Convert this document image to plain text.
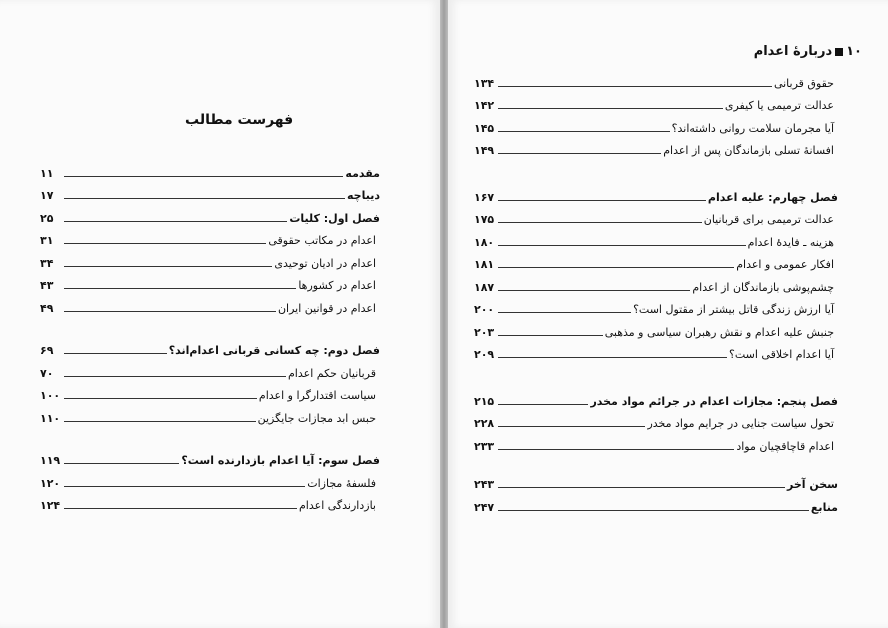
فهرست مطالب
مقدمه
۱۱
دیباچه
۱۷
فصل اول: کلیات
۲۵
اعدام در مکاتب حقوقی
۳۱
اعدام در ادیان توحیدی
۳۴
اعدام در کشورها
۴۳
اعدام در قوانین ایران
۴۹
فصل دوم: چه کسانی قربانی اعدام‌اند؟
۶۹
قربانیان حکم اعدام
۷۰
سیاست اقتدارگرا و اعدام
۱۰۰
حبس ابد مجازات جایگزین
۱۱۰
فصل سوم: آیا اعدام بازدارنده است؟
۱۱۹
فلسفهٔ مجازات
۱۲۰
بازدارندگی اعدام
۱۲۴
۱۰دربارهٔ اعدام
حقوق قربانی
۱۳۴
عدالت ترمیمی یا کیفری
۱۴۲
آیا مجرمان سلامت روانی داشته‌اند؟
۱۴۵
افسانهٔ تسلی بازماندگان پس از اعدام
۱۴۹
فصل چهارم: علیه اعدام
۱۶۷
عدالت ترمیمی برای قربانیان
۱۷۵
هزینه ـ فایدهٔ اعدام
۱۸۰
افکار عمومی و اعدام
۱۸۱
چشم‌پوشی بازماندگان از اعدام
۱۸۷
آیا ارزش زندگی قاتل بیشتر از مقتول است؟
۲۰۰
جنبش علیه اعدام و نقش رهبران سیاسی و مذهبی
۲۰۳
آیا اعدام اخلاقی است؟
۲۰۹
فصل پنجم: مجازات اعدام در جرائم مواد مخدر
۲۱۵
تحول سیاست جنایی در جرایم مواد مخدر
۲۲۸
اعدام قاچاقچیان مواد
۲۳۳
سخن آخر
۲۴۳
منابع
۲۴۷
